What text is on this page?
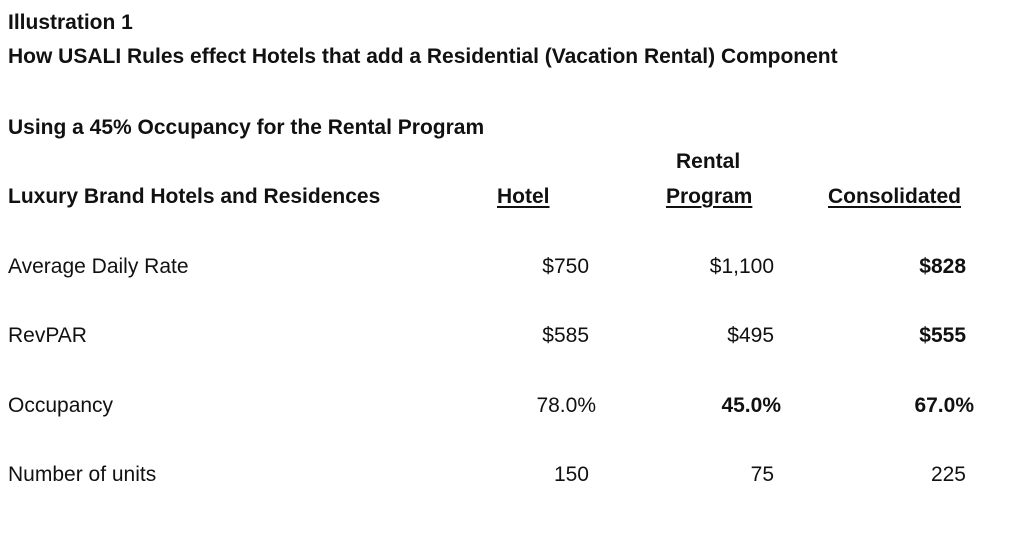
Illustration 1
How USALI Rules effect Hotels that add a Residential (Vacation Rental) Component
Using a 45% Occupancy for the Rental Program
Rental
Luxury Brand Hotels and Residences	Hotel	Program	Consolidated
Average Daily Rate	$750	$1,100	$828
RevPAR	$585	$495	$555
Occupancy	78.0%	45.0%	67.0%
Number of units	150	75	225
